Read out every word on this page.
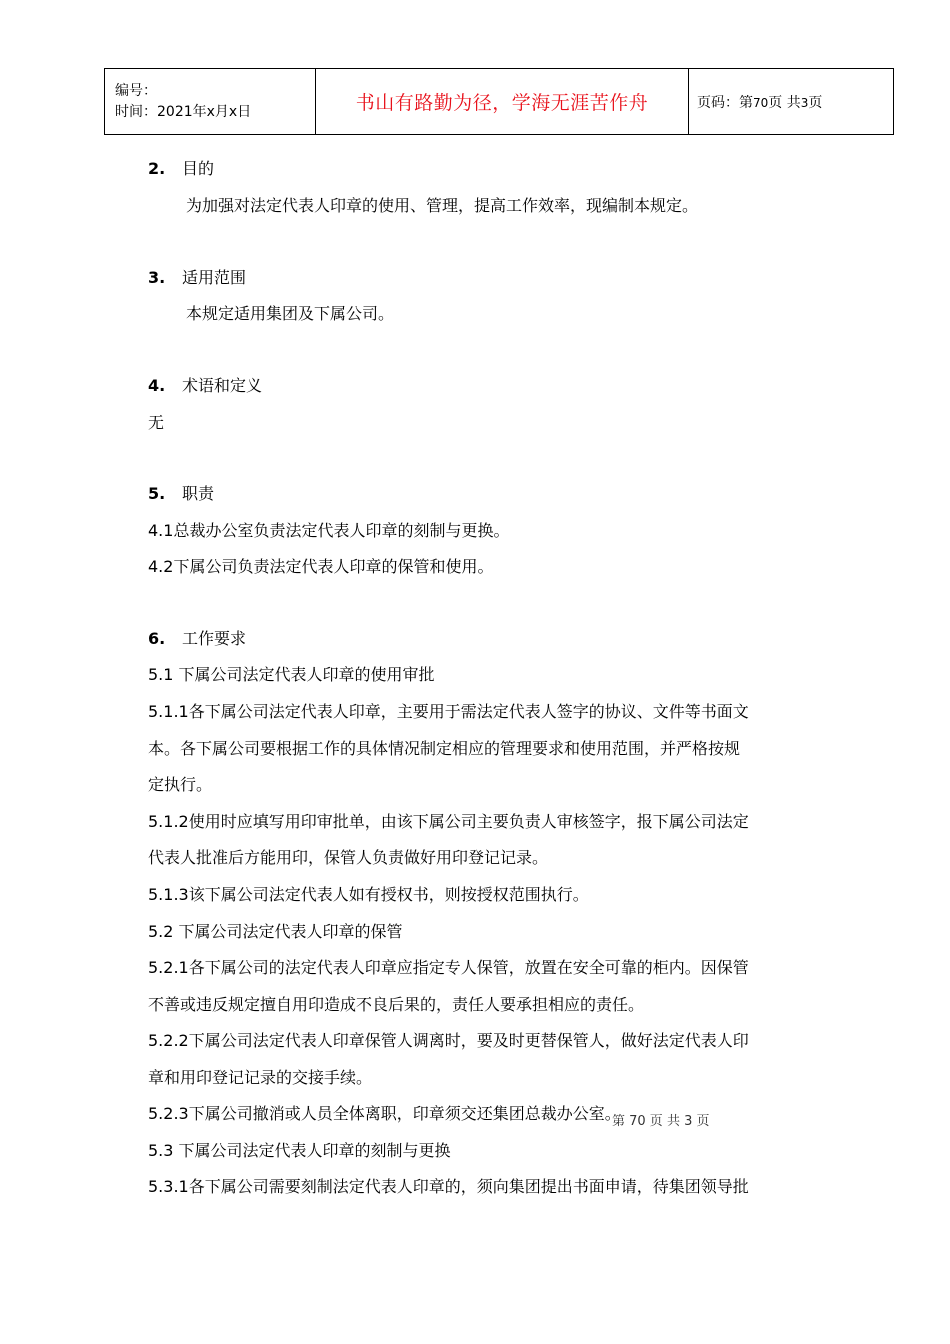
编号：
时间：2021年x月x日	书山有路勤为径，学海无涯苦作舟	页码：第70页 共3页
2. 目的
为加强对法定代表人印章的使用、管理，提高工作效率，现编制本规定。
3. 适用范围
本规定适用集团及下属公司。
4. 术语和定义
无
5. 职责
4.1总裁办公室负责法定代表人印章的刻制与更换。
4.2下属公司负责法定代表人印章的保管和使用。
6. 工作要求
5.1 下属公司法定代表人印章的使用审批
5.1.1各下属公司法定代表人印章，主要用于需法定代表人签字的协议、文件等书面文
本。各下属公司要根据工作的具体情况制定相应的管理要求和使用范围，并严格按规
定执行。
5.1.2使用时应填写用印审批单，由该下属公司主要负责人审核签字，报下属公司法定
代表人批准后方能用印，保管人负责做好用印登记记录。
5.1.3该下属公司法定代表人如有授权书，则按授权范围执行。
5.2 下属公司法定代表人印章的保管
5.2.1各下属公司的法定代表人印章应指定专人保管，放置在安全可靠的柜内。因保管
不善或违反规定擅自用印造成不良后果的，责任人要承担相应的责任。
5.2.2下属公司法定代表人印章保管人调离时，要及时更替保管人，做好法定代表人印
章和用印登记记录的交接手续。
5.2.3下属公司撤消或人员全体离职，印章须交还集团总裁办公室。
5.3 下属公司法定代表人印章的刻制与更换
5.3.1各下属公司需要刻制法定代表人印章的，须向集团提出书面申请，待集团领导批
第 70 页 共 3 页
